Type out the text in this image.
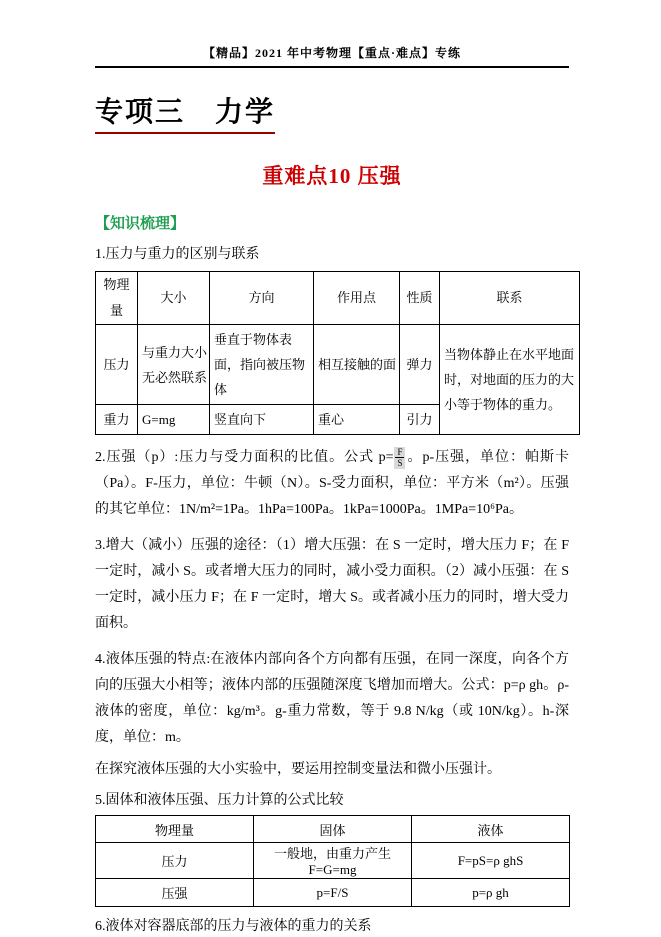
【精品】2021 年中考物理【重点·难点】专练
专项三　力学
重难点10 压强
【知识梳理】
1.压力与重力的区别与联系
物理量	大小	方向	作用点	性质	联系
压力	与重力大小无必然联系	垂直于物体表面，指向被压物体	相互接触的面	弹力	当物体静止在水平地面时，对地面的压力的大小等于物体的重力。
重力	G=mg	竖直向下	重心	引力	

2.压强（p）:压力与受力面积的比值。公式 $p= \frac{F}{S}$ 。p-压强，单位：帕斯卡（Pa）。F-压力，单位：牛顿（N）。S-受力面积，单位：平方米（m²）。压强的其它单位：1N/m²=1Pa。1hPa=100Pa。1kPa=1000Pa。1MPa=10⁶Pa。

3.增大（减小）压强的途径：（1）增大压强：在 S 一定时，增大压力 F；在 F 一定时，减小 S。或者增大压力的同时，减小受力面积。（2）减小压强：在 S 一定时，减小压力 F；在 F 一定时，增大 S。或者减小压力的同时，增大受力面积。

4.液体压强的特点:在液体内部向各个方向都有压强，在同一深度，向各个方向的压强大小相等；液体内部的压强随深度飞增加而增大。公式：p=ρ gh。ρ-液体的密度，单位：kg/m³。g-重力常数，等于 9.8 N/kg（或 10N/kg）。h-深度，单位：m。

在探究液体压强的大小实验中，要运用控制变量法和微小压强计。

5.固体和液体压强、压力计算的公式比较
物理量	固体	液体
压力	一般地，由重力产生 F=G=mg	F=pS=ρ ghS
压强	p=F/S	p=ρ gh
6.液体对容器底部的压力与液体的重力的关系
